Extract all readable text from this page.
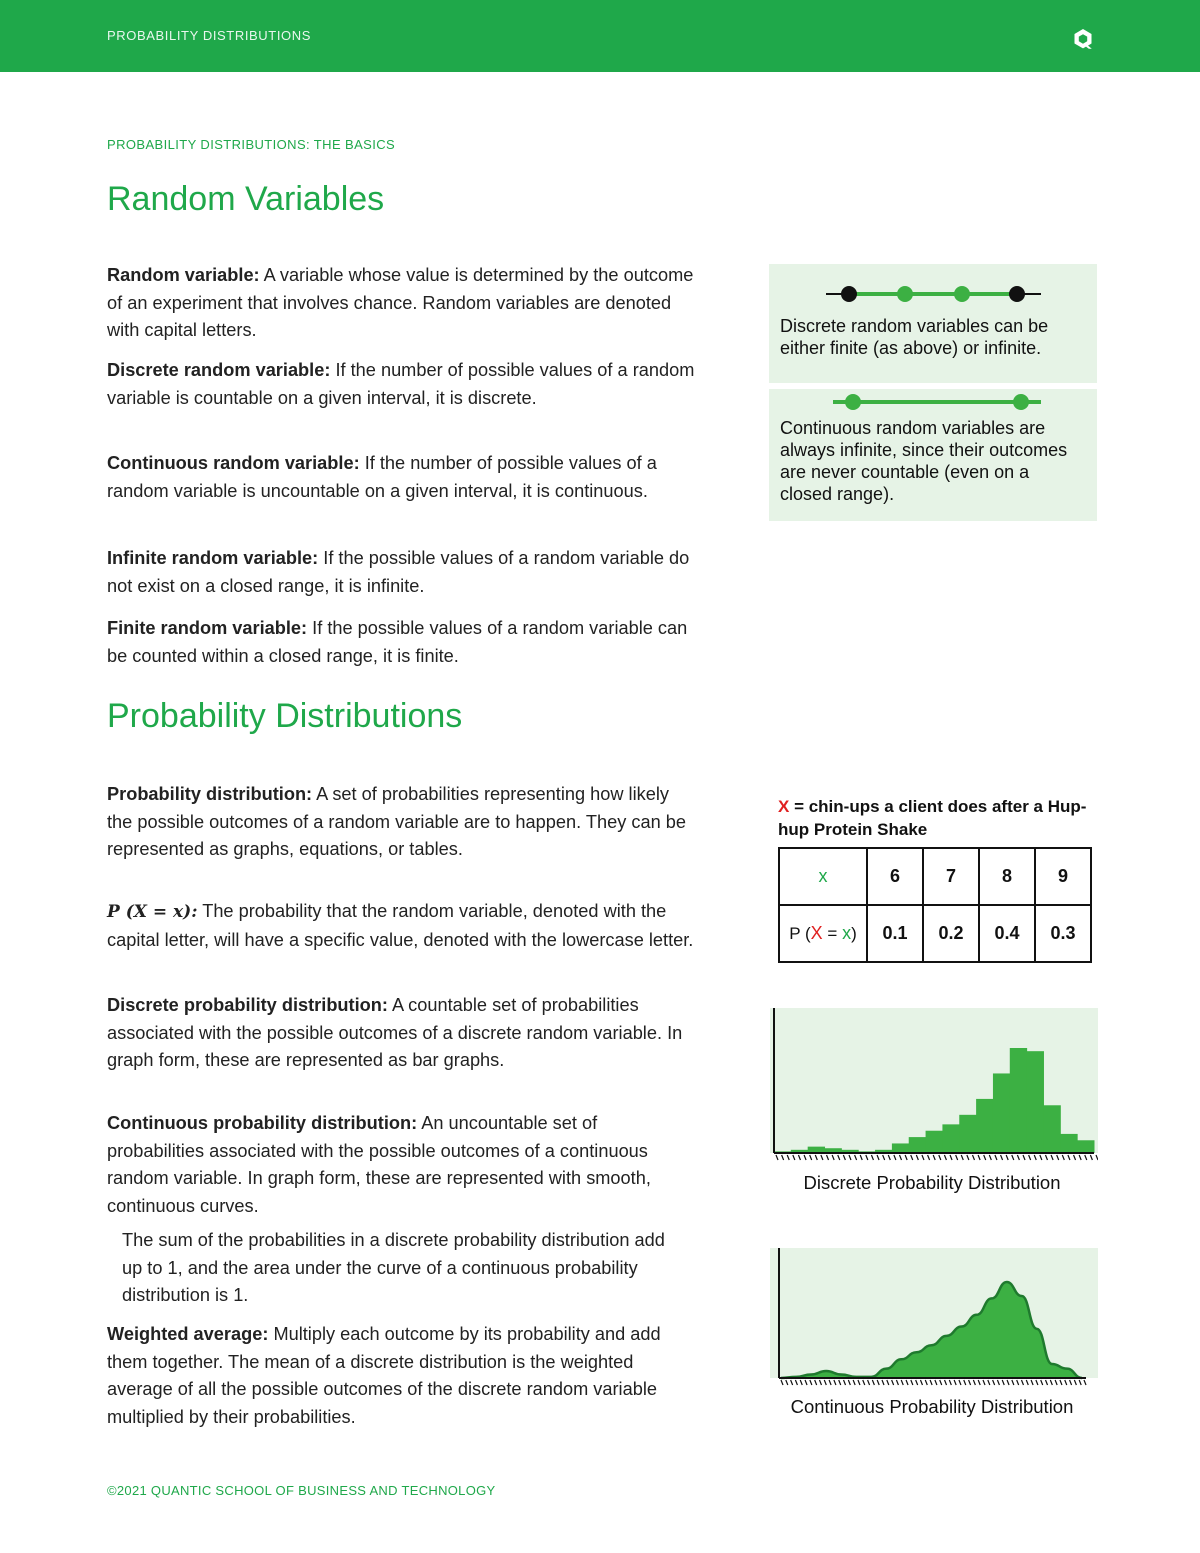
PROBABILITY DISTRIBUTIONS
PROBABILITY DISTRIBUTIONS: THE BASICS
Random Variables

Random variable: A variable whose value is determined by the outcome of an experiment that involves chance. Random variables are denoted with capital letters.

Discrete random variable: If the number of possible values of a random variable is countable on a given interval, it is discrete.

Continuous random variable: If the number of possible values of a random variable is uncountable on a given interval, it is continuous.

Infinite random variable: If the possible values of a random variable do not exist on a closed range, it is infinite.

Finite random variable: If the possible values of a random variable can be counted within a closed range, it is finite.

Discrete random variables can be either finite (as above) or infinite.

Continuous random variables are always infinite, since their outcomes are never countable (even on a closed range).

Probability Distributions

Probability distribution: A set of probabilities representing how likely the possible outcomes of a random variable are to happen. They can be represented as graphs, equations, or tables.

P (X = x): The probability that the random variable, denoted with the capital letter, will have a specific value, denoted with the lowercase letter.

Discrete probability distribution: A countable set of probabilities associated with the possible outcomes of a discrete random variable. In graph form, these are represented as bar graphs.

Continuous probability distribution: An uncountable set of probabilities associated with the possible outcomes of a continuous random variable. In graph form, these are represented with smooth, continuous curves.

The sum of the probabilities in a discrete probability distribution add up to 1, and the area under the curve of a continuous probability distribution is 1.

Weighted average: Multiply each outcome by its probability and add them together. The mean of a discrete distribution is the weighted average of all the possible outcomes of the discrete random variable multiplied by their probabilities.

X = chin-ups a client does after a Hup-hup Protein Shake
x	6	7	8	9
P (X = x)	0.1	0.2	0.4	0.3
Discrete Probability Distribution
Continuous Probability Distribution
©2021 QUANTIC SCHOOL OF BUSINESS AND TECHNOLOGY
